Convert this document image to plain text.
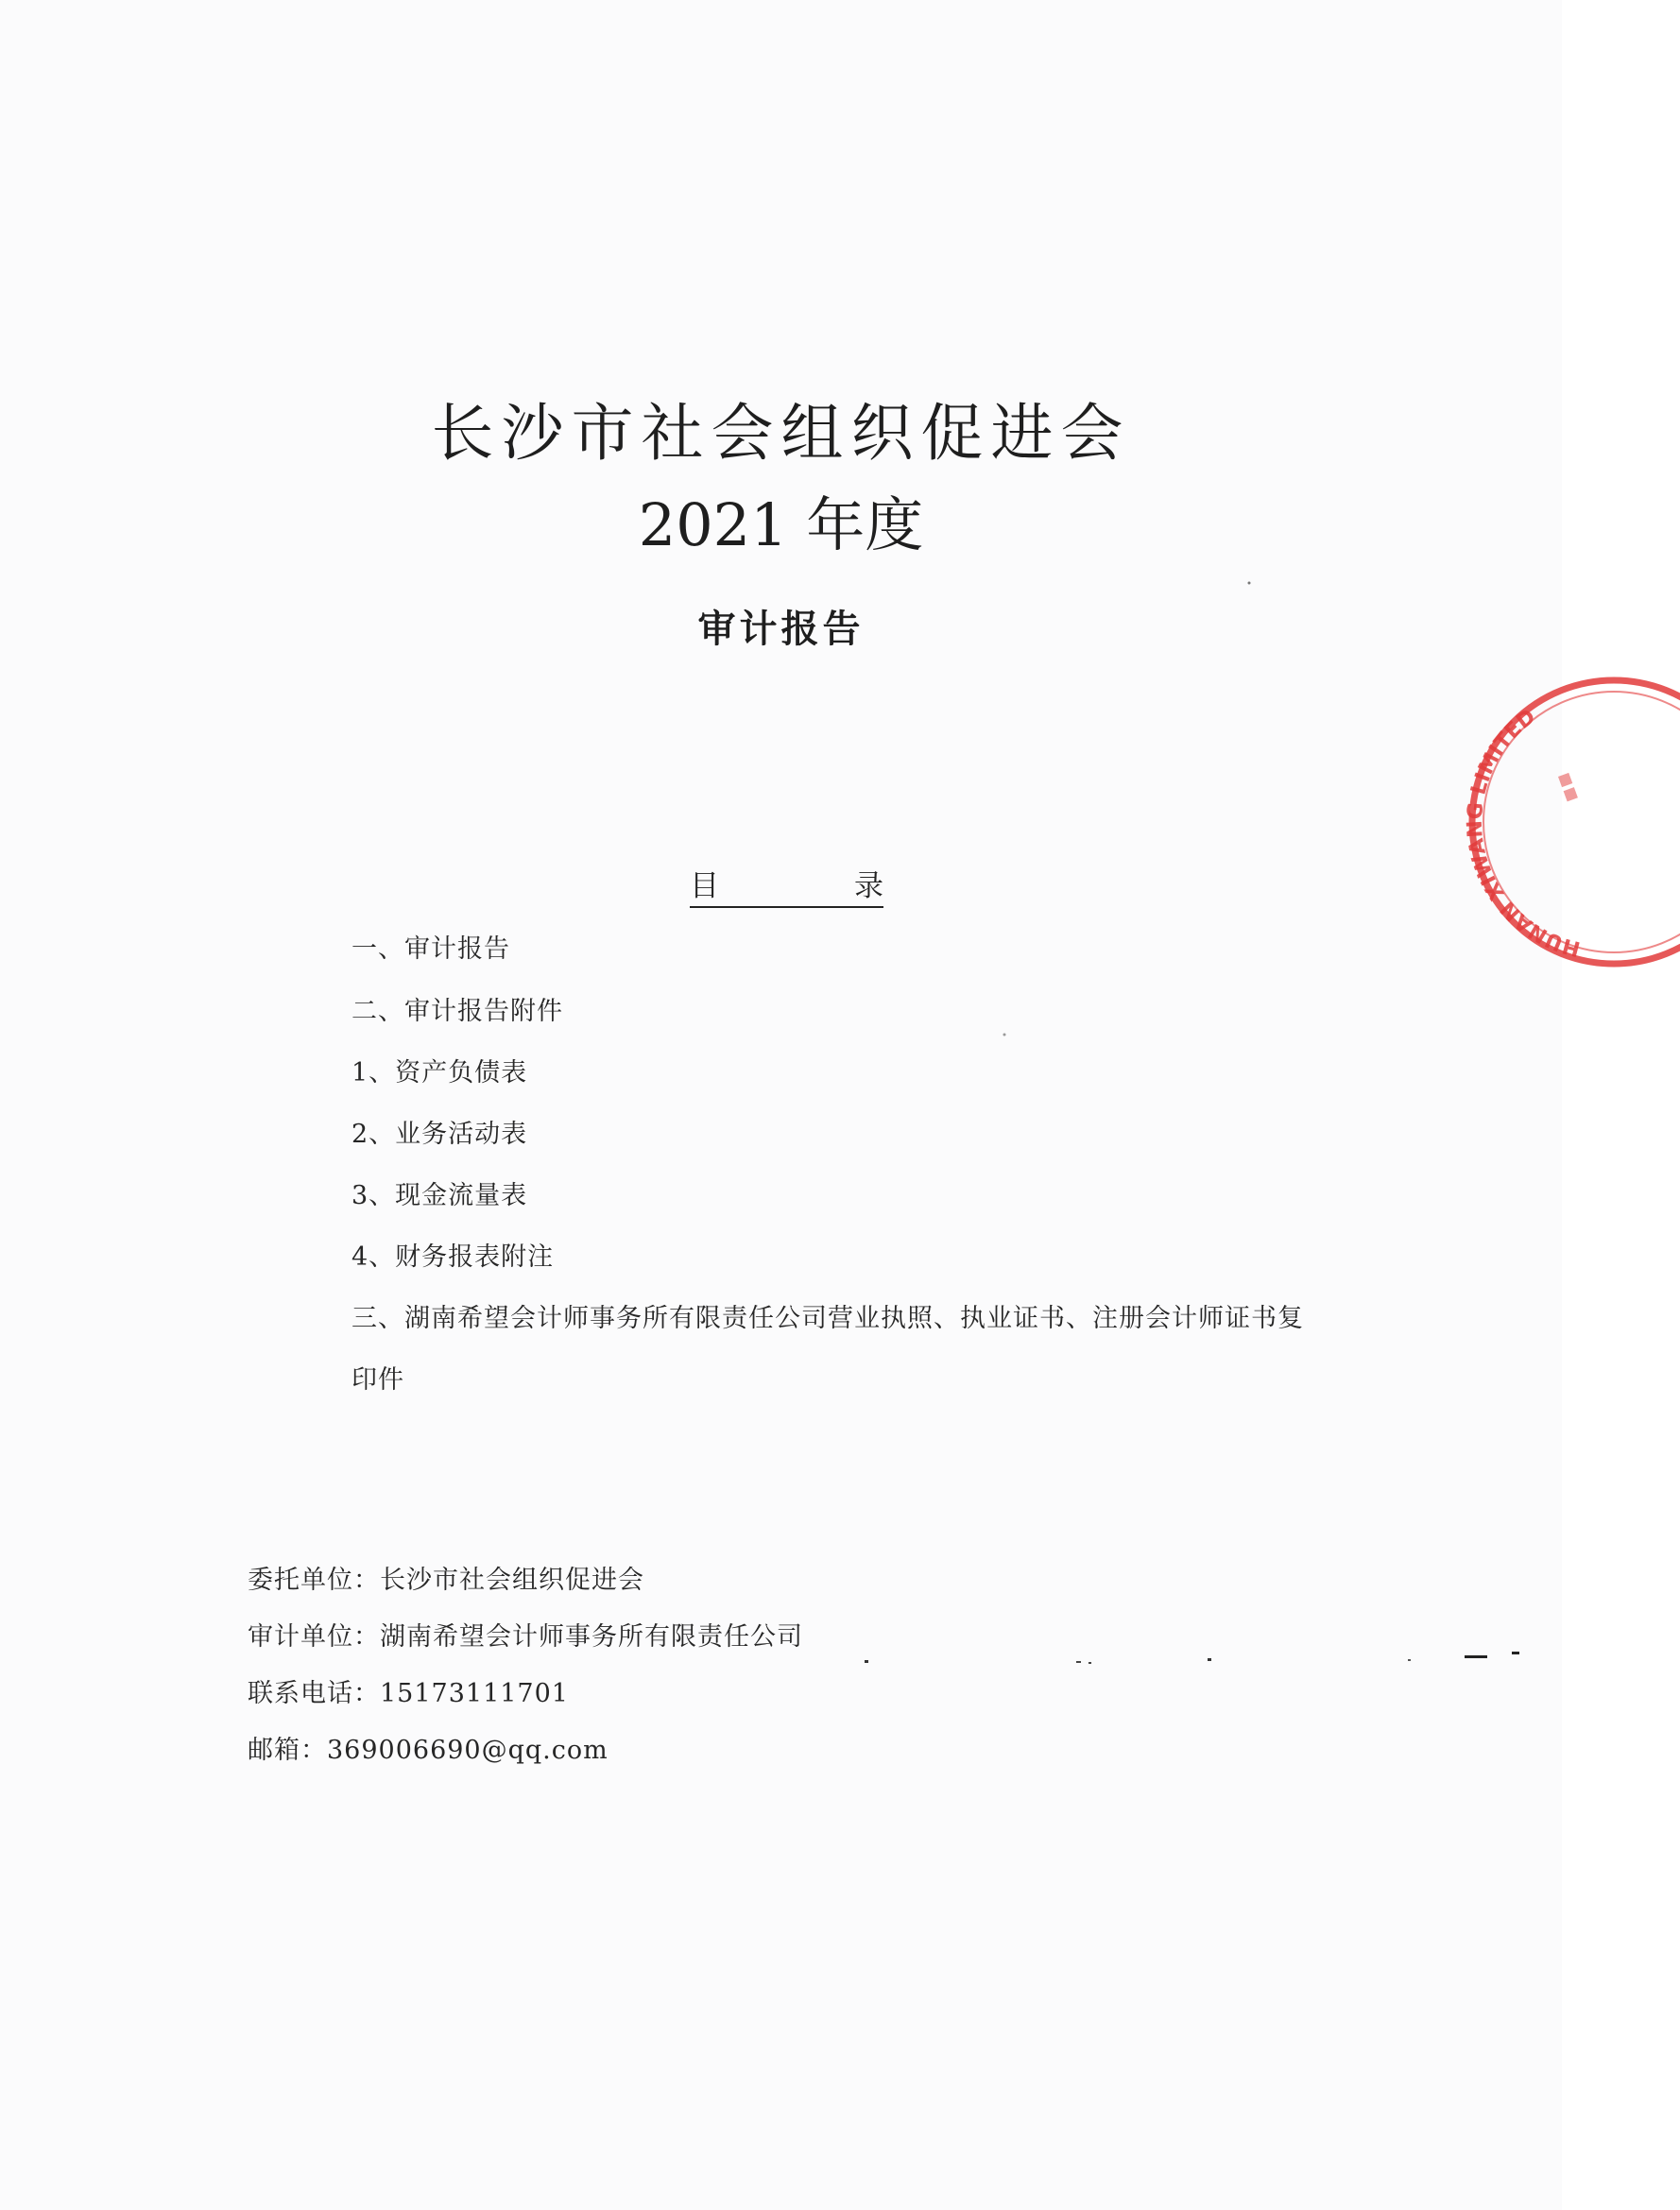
长沙市社会组织促进会
2021 年度
审计报告
目	录
一、审计报告
二、审计报告附件
1、资产负债表
2、业务活动表
3、现金流量表
4、财务报表附注
三、湖南希望会计师事务所有限责任公司营业执照、执业证书、注册会计师证书复
印件
委托单位：长沙市社会组织促进会
审计单位：湖南希望会计师事务所有限责任公司
联系电话：15173111701
邮箱：369006690@qq.com
HUNAN XIWANG LIMITED
▪▪
